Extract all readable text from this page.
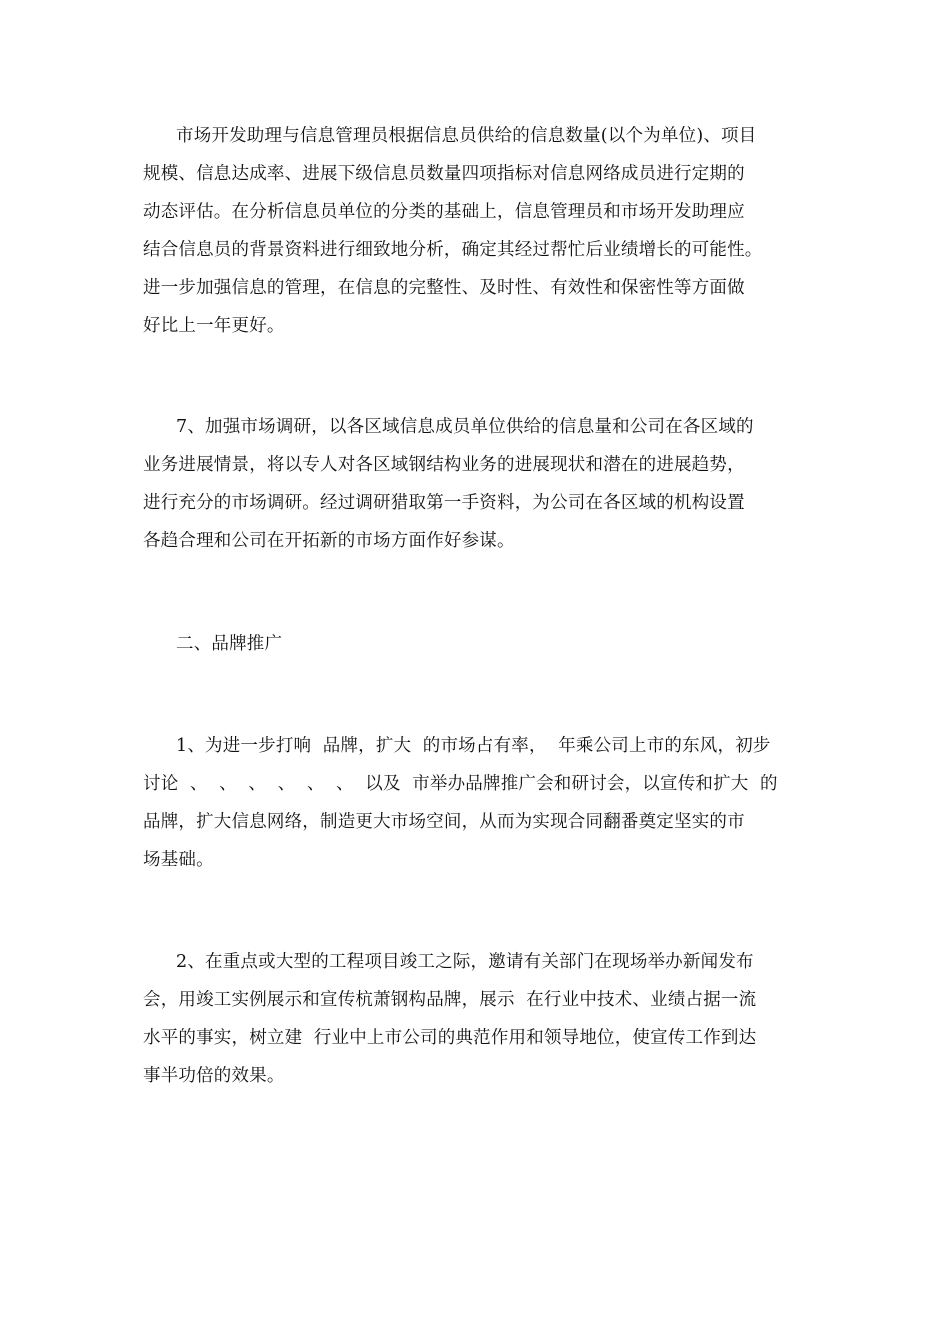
市场开发助理与信息管理员根据信息员供给的信息数量(以个为单位)、项目
规模、信息达成率、进展下级信息员数量四项指标对信息网络成员进行定期的
动态评估。在分析信息员单位的分类的基础上，信息管理员和市场开发助理应
结合信息员的背景资料进行细致地分析，确定其经过帮忙后业绩增长的可能性。
进一步加强信息的管理，在信息的完整性、及时性、有效性和保密性等方面做
好比上一年更好。
7、加强市场调研，以各区域信息成员单位供给的信息量和公司在各区域的
业务进展情景，将以专人对各区域钢结构业务的进展现状和潜在的进展趋势，
进行充分的市场调研。经过调研猎取第一手资料，为公司在各区域的机构设置
各趋合理和公司在开拓新的市场方面作好参谋。
二、品牌推广
1、为进一步打响  品牌，扩大  的市场占有率，  年乘公司上市的东风，初步
讨论  、  、  、  、  、  、  以及  市举办品牌推广会和研讨会，以宣传和扩大  的
品牌，扩大信息网络，制造更大市场空间，从而为实现合同翻番奠定坚实的市
场基础。
2、在重点或大型的工程项目竣工之际，邀请有关部门在现场举办新闻发布
会，用竣工实例展示和宣传杭萧钢构品牌，展示  在行业中技术、业绩占据一流
水平的事实，树立建  行业中上市公司的典范作用和领导地位，使宣传工作到达
事半功倍的效果。
